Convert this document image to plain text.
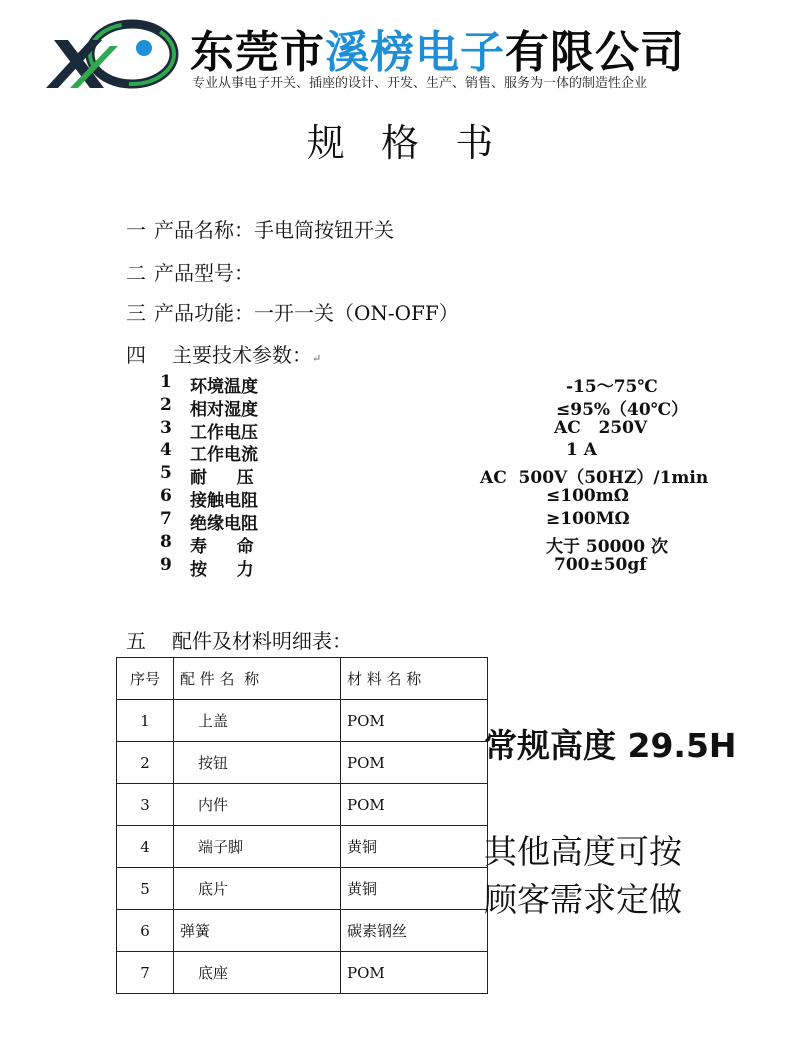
东莞市溪榜电子有限公司
专业从事电子开关、插座的设计、开发、生产、销售、服务为一体的制造性企业
规   格   书
一 产品名称：手电筒按钮开关
二 产品型号：
三 产品功能：一开一关（ON-OFF）
四 主要技术参数：↵
1 环境温度	-15～75℃
2 相对湿度	≤95%（40℃）
3 工作电压	AC   250V
4 工作电流	1 A
5 耐     压	AC  500V（50HZ）/1min
6 接触电阻	≤100mΩ
7 绝缘电阻	≥100MΩ
8 寿     命	大于 50000 次
9 按     力	700±50gf
五 配件及材料明细表：
序号	配 件 名  称	材 料 名 称
1	上盖	POM
2	按钮	POM
3	内件	POM
4	端子脚	黄铜
5	底片	黄铜
6	弹簧	碳素钢丝
7	底座	POM
常规高度 29.5H
其他高度可按
顾客需求定做
